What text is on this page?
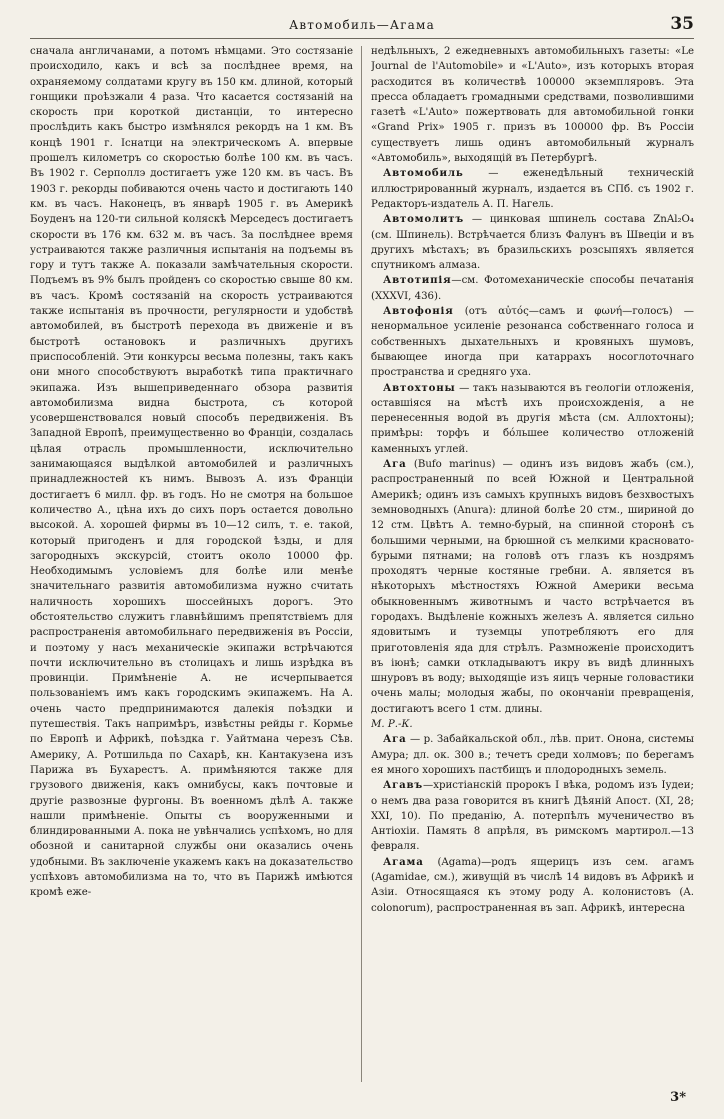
Автомобиль—Агама	35

сначала англичанами, а потомъ нѣмцами. Это состязаніе происходило, какъ и всѣ за послѣднее время, на охраняемому солдатами кругу въ 150 км. длиной, который гонщики проѣзжали 4 раза. Что касается состязаній на скорость при короткой дистанціи, то интересно прослѣдить какъ быстро измѣнялся рекордъ на 1 км. Въ концѣ 1901 г. Існатци на электрическомъ А. впервые прошелъ километръ со скоростью болѣе 100 км. въ часъ. Въ 1902 г. Серполлэ достигаетъ уже 120 км. въ часъ. Въ 1903 г. рекорды побиваются очень часто и достигають 140 км. въ часъ. Наконецъ, въ январѣ 1905 г. въ Америкѣ Боуденъ на 120-ти сильной коляскѣ Мерседесъ достигаетъ скорости въ 176 км. 632 м. въ часъ. За послѣднее время устраиваются также различныя испытанія на подъемы въ гору и тутъ также А. показали замѣчательныя скорости. Подъемъ въ 9% былъ пройденъ со скоростью свыше 80 км. въ часъ. Кромѣ состязаній на скорость устраиваются также испытанія въ прочности, регулярности и удобствѣ автомобилей, въ быстротѣ перехода въ движеніе и въ быстротѣ остановокъ и различныхъ другихъ приспособленій. Эти конкурсы весьма полезны, такъ какъ они много способствуютъ выработкѣ типа практичнаго экипажа. Изъ вышеприведеннаго обзора развитія автомобилизма видна быстрота, съ которой усовершенствовался новый способъ передвиженія. Въ Западной Европѣ, преимущественно во Франціи, создалась цѣлая отрасль промышленности, исключительно занимающаяся выдѣлкой автомобилей и различныхъ принадлежностей къ нимъ. Вывозъ А. изъ Франціи достигаетъ 6 милл. фр. въ годъ. Но не смотря на большое количество А., цѣна ихъ до сихъ поръ остается довольно высокой. А. хорошей фирмы въ 10—12 силъ, т. е. такой, который пригоденъ и для городской ѣзды, и для загородныхъ экскурсій, стоитъ около 10000 фр. Необходимымъ условіемъ для болѣе или менѣе значительнаго развитія автомобилизма нужно считать наличность хорошихъ шоссейныхъ дорогъ. Это обстоятельство служитъ главнѣйшимъ препятствіемъ для распространенія автомобильнаго передвиженія въ Россіи, и поэтому у насъ механическіе экипажи встрѣчаются почти исключительно въ столицахъ и лишь изрѣдка въ провинціи. Примѣненіе А. не исчерпывается пользованіемъ имъ какъ городскимъ экипажемъ. На А. очень часто предпринимаются далекія поѣздки и путешествія. Такъ напримѣръ, извѣстны рейды г. Кормье по Европѣ и Африкѣ, поѣздка г. Уайтмана черезъ Сѣв. Америку, А. Ротшильда по Сахарѣ, кн. Кантакузена изъ Парижа въ Бухарестъ. А. примѣняются также для грузового движенія, какъ омнибусы, какъ почтовые и другіе развозные фургоны. Въ военномъ дѣлѣ А. также нашли примѣненіе. Опыты съ вооруженными и блиндированными А. пока не увѣнчались успѣхомъ, но для обозной и санитарной службы они оказались очень удобными. Въ заключеніе укажемъ какъ на доказательство успѣховъ автомобилизма на то, что въ Парижѣ имѣются кромѣ еже-

недѣльныхъ, 2 ежедневныхъ автомобильныхъ газеты: «Le Journal de l'Automobile» и «L'Auto», изъ которыхъ вторая расходится въ количествѣ 100000 экземпляровъ. Эта пресса обладаетъ громадными средствами, позволившими газетѣ «L'Auto» пожертвовать для автомобильной гонки «Grand Prix» 1905 г. призъ въ 100000 фр. Въ Россіи существуетъ лишь одинъ автомобильный журналъ «Автомобиль», выходящій въ Петербургѣ.

Автомобиль — еженедѣльный техническій иллюстрированный журналъ, издается въ СПб. съ 1902 г. Редакторъ-издатель А. П. Нагель.

Автомолитъ — цинковая шпинель состава ZnAl₂O₄ (см. Шпинель). Встрѣчается близъ Фалунъ въ Швеціи и въ другихъ мѣстахъ; въ бразильскихъ розсыпяхъ является спутникомъ алмаза.

Автотипія—см. Фотомеханическіе способы печатанія (XXXVI, 436).

Автофонія (отъ αὐτός—самъ и φωνή—голосъ) — ненормальное усиленіе резонанса собственнаго голоса и собственныхъ дыхательныхъ и кровяныхъ шумовъ, бывающее иногда при катаррахъ носоглоточнаго пространства и средняго уха.

Автохтоны — такъ называются въ геологіи отложенія, оставшіяся на мѣстѣ ихъ происхожденія, а не перенесенныя водой въ другія мѣста (см. Аллохтоны); примѣры: торфъ и бóльшее количество отложеній каменныхъ углей.

Ага (Bufo marinus) — одинъ изъ видовъ жабъ (см.), распространенный по всей Южной и Центральной Америкѣ; одинъ изъ самыхъ крупныхъ видовъ безхвостыхъ земноводныхъ (Anura): длиной болѣе 20 стм., шириной до 12 стм. Цвѣтъ А. темно-бурый, на спинной сторонѣ съ большими черными, на брюшной съ мелкими красновато-бурыми пятнами; на головѣ отъ глазъ къ ноздрямъ проходятъ черные костяные гребни. А. является въ нѣкоторыхъ мѣстностяхъ Южной Америки весьма обыкновеннымъ животнымъ и часто встрѣчается въ городахъ. Выдѣленіе кожныхъ железъ А. является сильно ядовитымъ и туземцы употребляютъ его для приготовленія яда для стрѣлъ. Размноженіе происходитъ въ іюнѣ; самки откладываютъ икру въ видѣ длинныхъ шнуровъ въ воду; выходящіе изъ яицъ черные головастики очень малы; молодыя жабы, по окончаніи превращенія, достигаютъ всего 1 стм. длины.

М. Р.-К.

Ага — р. Забайкальской обл., лѣв. прит. Онона, системы Амура; дл. ок. 300 в.; течетъ среди холмовъ; по берегамъ ея много хорошихъ пастбищъ и плодородныхъ земель.

Агавъ—христіанскій пророкъ I вѣка, родомъ изъ Іудеи; о немъ два раза говорится въ книгѣ Дѣяній Апост. (XI, 28; XXI, 10). По преданію, А. потерпѣлъ мученичество въ Антіохіи. Память 8 апрѣля, въ римскомъ мартирол.—13 февраля.

Агама (Agama)—родъ ящерицъ изъ сем. агамъ (Agamidae, см.), живущій въ числѣ 14 видовъ въ Африкѣ и Азіи. Относящаяся къ этому роду А. колонистовъ (A. colonorum), распространенная въ зап. Африкѣ, интересна

3*
